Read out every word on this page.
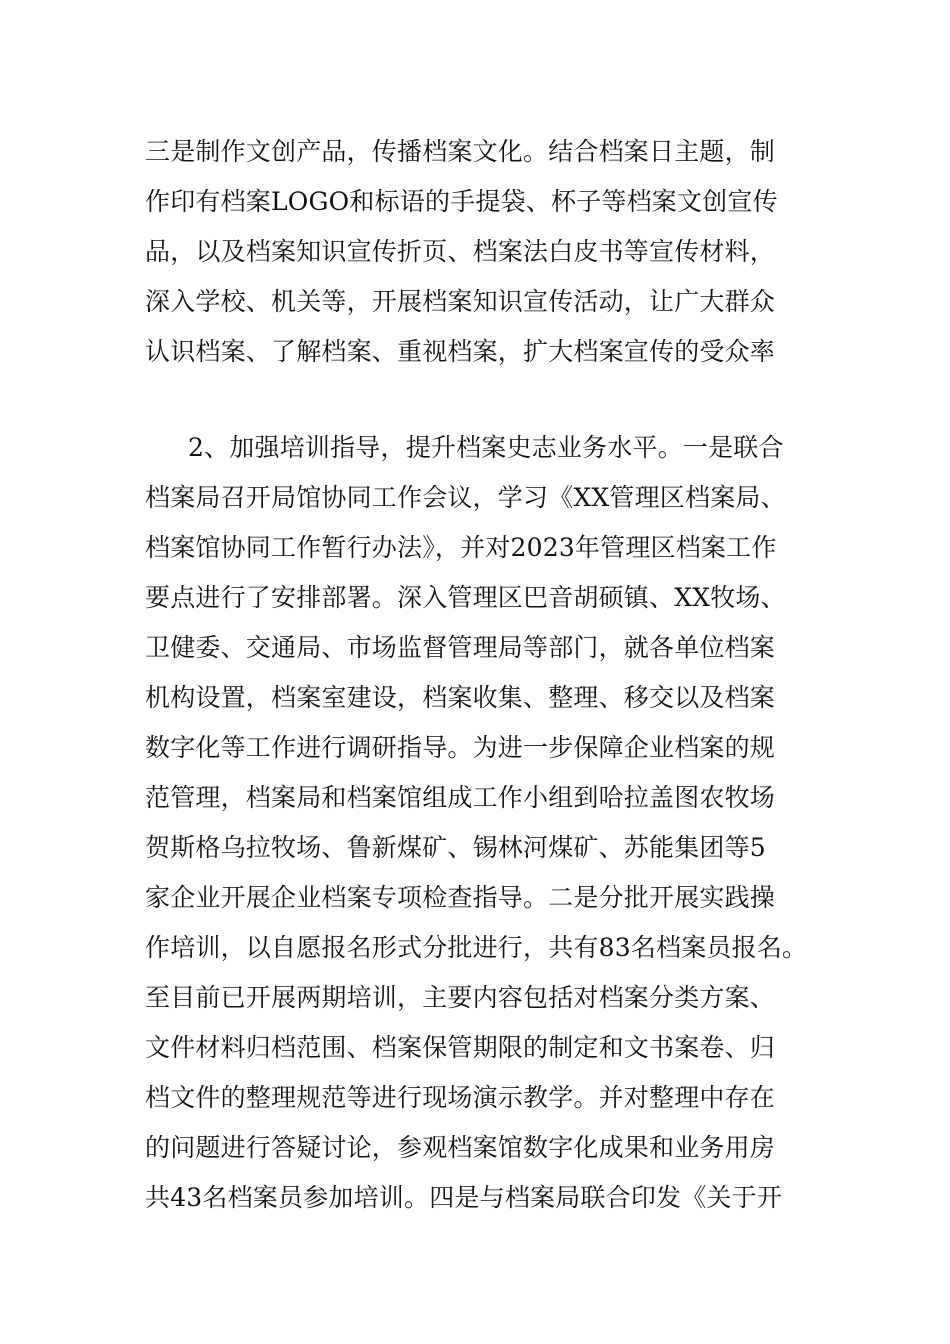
三是制作文创产品，传播档案文化。结合档案日主题，制
作印有档案LOGO和标语的手提袋、杯子等档案文创宣传
品，以及档案知识宣传折页、档案法白皮书等宣传材料，
深入学校、机关等，开展档案知识宣传活动，让广大群众
认识档案、了解档案、重视档案，扩大档案宣传的受众率
2、加强培训指导，提升档案史志业务水平。一是联合
档案局召开局馆协同工作会议，学习《XX管理区档案局、
档案馆协同工作暂行办法》，并对2023年管理区档案工作
要点进行了安排部署。深入管理区巴音胡硕镇、XX牧场、
卫健委、交通局、市场监督管理局等部门，就各单位档案
机构设置，档案室建设，档案收集、整理、移交以及档案
数字化等工作进行调研指导。为进一步保障企业档案的规
范管理，档案局和档案馆组成工作小组到哈拉盖图农牧场
贺斯格乌拉牧场、鲁新煤矿、锡林河煤矿、苏能集团等5
家企业开展企业档案专项检查指导。二是分批开展实践操
作培训，以自愿报名形式分批进行，共有83名档案员报名。
至目前已开展两期培训，主要内容包括对档案分类方案、
文件材料归档范围、档案保管期限的制定和文书案卷、归
档文件的整理规范等进行现场演示教学。并对整理中存在
的问题进行答疑讨论，参观档案馆数字化成果和业务用房
共43名档案员参加培训。四是与档案局联合印发《关于开
